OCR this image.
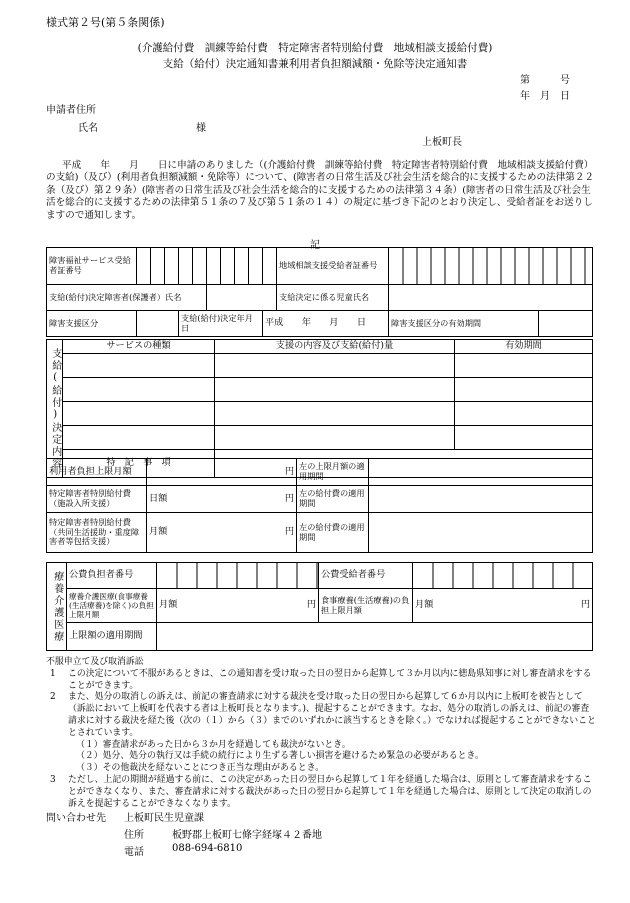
様式第２号(第５条関係)
(介護給付費　訓練等給付費　特定障害者特別給付費　地域相談支援給付費)
支給（給付）決定通知書兼利用者負担額減額・免除等決定通知書
第　　　号
年　月　日
申請者住所
氏名	様
上板町長
平成　　年　　月　　日に申請のありました（(介護給付費　訓練等給付費　特定障害者特別給付費　地域相談支援給付費）の支給)（及び）(利用者負担額減額・免除等）について、(障害者の日常生活及び社会生活を総合的に支援するための法律第２２条（及び）第２９条）(障害者の日常生活及び社会生活を総合的に支援するための法律第３４条）(障害者の日常生活及び社会生活を総合的に支援するための法律第５１条の７及び第５１条の１４）の規定に基づき下記のとおり決定し、受給者証をお送りしますので通知します。
記
障害福祉サービス受給者証番号											地域相談支援受給者証番号		
支給(給付)決定障害者(保護者）氏名											支給決定に係る児童氏名		
障害支援区分				支給(給付)決定年月日						平成　　年　　月　　日		障害支援区分の有効期間	
支給(給付)決定内容	サービスの種類	支援の内容及び支給(給付)量	有効期間

	特　記　事　項		
利用者負担上限月額	円	左の上限月額の適用期間	
特定障害者特別給付費（施設入所支援）	日額 円	左の給付費の適用期間	
特定障害者特別給付費（共同生活援助・重度障害者等包括支援）	月額 円	左の給付費の適用期間	
療養介護医療	公費負担者番号		公費受給者番号	
	療養介護医療(食事療養(生活療養)を除く)の負担上限月額	月額 円	食事療養(生活療養)の負担上限月額	月額 円

	上限額の適用期間			
不服申立て及び取消訴訟
1 この決定について不服があるときは、この通知書を受け取った日の翌日から起算して３か月以内に徳島県知事に対し審査請求をすることができます。
2 また、処分の取消しの訴えは、前記の審査請求に対する裁決を受け取った日の翌日から起算して６か月以内に上板町を被告として（訴訟において上板町を代表する者は上板町長となります。)、提起することができます。なお、処分の取消しの訴えは、前記の審査請求に対する裁決を経た後（次の（１）から（３）までのいずれかに該当するときを除く。）でなければ提起することができないこととされています。
（１）審査請求があった日から３か月を経過しても裁決がないとき。
（２）処分、処分の執行又は手続の続行により生ずる著しい損害を避けるため緊急の必要があるとき。
（３）その他裁決を経ないことにつき正当な理由があるとき。
3 ただし、上記の期間が経過する前に、この決定があった日の翌日から起算して１年を経過した場合は、原則として審査請求をすることができなくなり、また、審査請求に対する裁決があった日の翌日から起算して１年を経過した場合は、原則として決定の取消しの訴えを提起することができなくなります。
問い合わせ先 上板町民生児童課
住所	板野郡上板町七條字経塚４２番地
電話	088-694-6810
